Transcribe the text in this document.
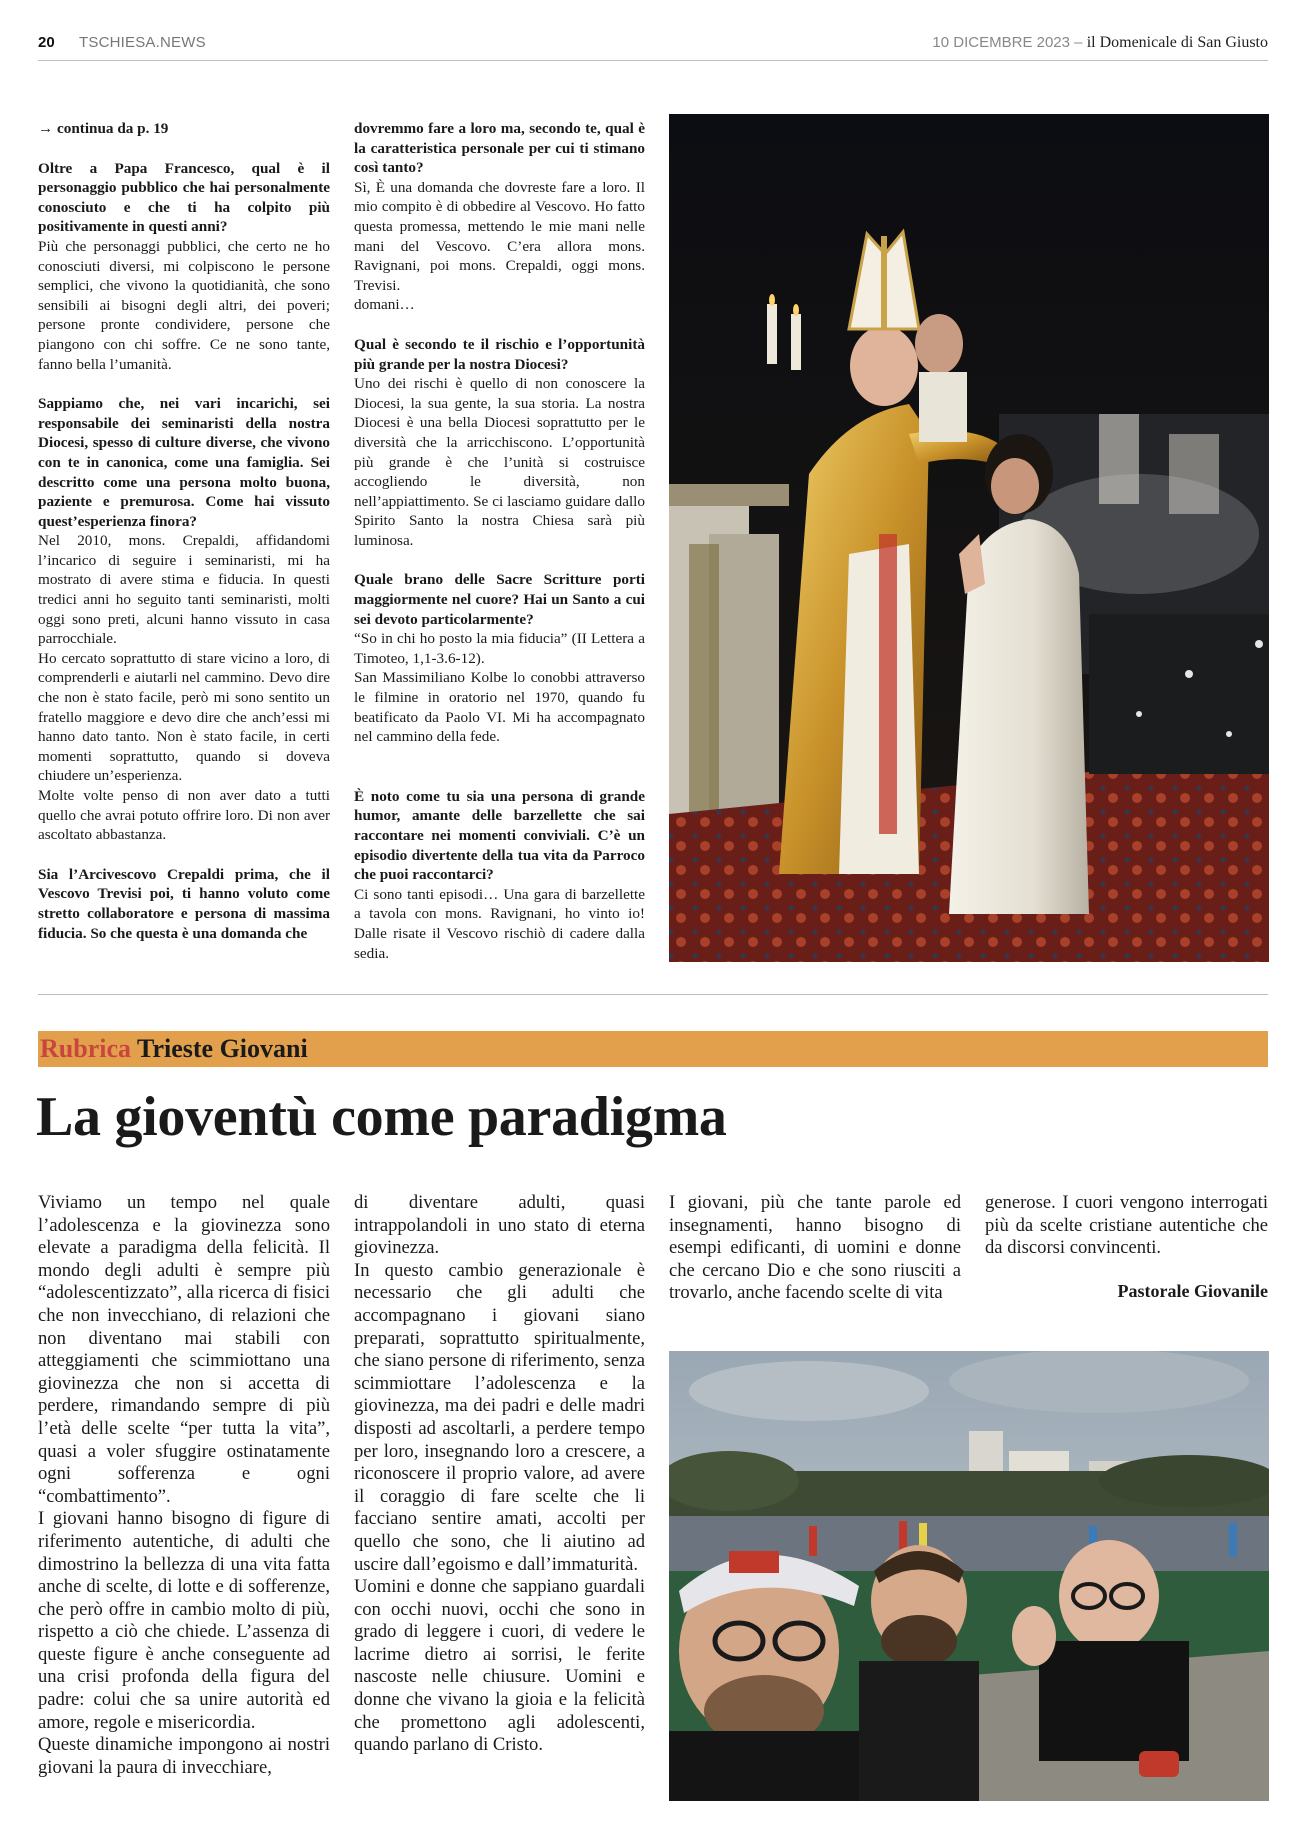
20 TSCHIESA.NEWS	10 DICEMBRE 2023 – il Domenicale di San Giusto

→ continua da p. 19

Oltre a Papa Francesco, qual è il personaggio pubblico che hai personalmente conosciuto e che ti ha colpito più positivamente in questi anni?

Più che personaggi pubblici, che certo ne ho conosciuti diversi, mi colpiscono le persone semplici, che vivono la quotidianità, che sono sensibili ai bisogni degli altri, dei poveri; persone pronte condividere, persone che piangono con chi soffre. Ce ne sono tante, fanno bella l’umanità.

Sappiamo che, nei vari incarichi, sei responsabile dei seminaristi della nostra Diocesi, spesso di culture diverse, che vivono con te in canonica, come una famiglia. Sei descritto come una persona molto buona, paziente e premurosa. Come hai vissuto quest’esperienza finora?

Nel 2010, mons. Crepaldi, affidandomi l’incarico di seguire i seminaristi, mi ha mostrato di avere stima e fiducia. In questi tredici anni ho seguito tanti seminaristi, molti oggi sono preti, alcuni hanno vissuto in casa parrocchiale.

Ho cercato soprattutto di stare vicino a loro, di comprenderli e aiutarli nel cammino. Devo dire che non è stato facile, però mi sono sentito un fratello maggiore e devo dire che anch’essi mi hanno dato tanto. Non è stato facile, in certi momenti soprattutto, quando si doveva chiudere un’esperienza.

Molte volte penso di non aver dato a tutti quello che avrai potuto offrire loro. Di non aver ascoltato abbastanza.

Sia l’Arcivescovo Crepaldi prima, che il Vescovo Trevisi poi, ti hanno voluto come stretto collaboratore e persona di massima fiducia. So che questa è una domanda che

dovremmo fare a loro ma, secondo te, qual è la caratteristica personale per cui ti stimano così tanto?

Sì, È una domanda che dovreste fare a loro. Il mio compito è di obbedire al Vescovo. Ho fatto questa promessa, mettendo le mie mani nelle mani del Vescovo. C’era allora mons. Ravignani, poi mons. Crepaldi, oggi mons. Trevisi.

domani…

Qual è secondo te il rischio e l’opportunità più grande per la nostra Diocesi?

Uno dei rischi è quello di non conoscere la Diocesi, la sua gente, la sua storia. La nostra Diocesi è una bella Diocesi soprattutto per le diversità che la arricchiscono. L’opportunità più grande è che l’unità si costruisce accogliendo le diversità, non nell’appiattimento. Se ci lasciamo guidare dallo Spirito Santo la nostra Chiesa sarà più luminosa.

Quale brano delle Sacre Scritture porti maggiormente nel cuore? Hai un Santo a cui sei devoto particolarmente?

“So in chi ho posto la mia fiducia” (II Lettera a Timoteo, 1,1-3.6-12).

San Massimiliano Kolbe lo conobbi attraverso le filmine in oratorio nel 1970, quando fu beatificato da Paolo VI. Mi ha accompagnato nel cammino della fede.

È noto come tu sia una persona di grande humor, amante delle barzellette che sai raccontare nei momenti conviviali. C’è un episodio divertente della tua vita da Parroco che puoi raccontarci?

Ci sono tanti episodi… Una gara di barzellette a tavola con mons. Ravignani, ho vinto io! Dalle risate il Vescovo rischiò di cadere dalla sedia.

Rubrica Trieste Giovani
La gioventù come paradigma

Viviamo un tempo nel quale l’adolescenza e la giovinezza sono elevate a paradigma della felicità. Il mondo degli adulti è sempre più “adolescentizzato”, alla ricerca di fisici che non invecchiano, di relazioni che non diventano mai stabili con atteggiamenti che scimmiottano una giovinezza che non si accetta di perdere, rimandando sempre di più l’età delle scelte “per tutta la vita”, quasi a voler sfuggire ostinatamente ogni sofferenza e ogni “combattimento”.

I giovani hanno bisogno di figure di riferimento autentiche, di adulti che dimostrino la bellezza di una vita fatta anche di scelte, di lotte e di sofferenze, che però offre in cambio molto di più, rispetto a ciò che chiede. L’assenza di queste figure è anche conseguente ad una crisi profonda della figura del padre: colui che sa unire autorità ed amore, regole e misericordia.

Queste dinamiche impongono ai nostri giovani la paura di invecchiare,

di diventare adulti, quasi intrappolandoli in uno stato di eterna giovinezza.

In questo cambio generazionale è necessario che gli adulti che accompagnano i giovani siano preparati, soprattutto spiritualmente, che siano persone di riferimento, senza scimmiottare l’adolescenza e la giovinezza, ma dei padri e delle madri disposti ad ascoltarli, a perdere tempo per loro, insegnando loro a crescere, a riconoscere il proprio valore, ad avere il coraggio di fare scelte che li facciano sentire amati, accolti per quello che sono, che li aiutino ad uscire dall’egoismo e dall’immaturità.

Uomini e donne che sappiano guardali con occhi nuovi, occhi che sono in grado di leggere i cuori, di vedere le lacrime dietro ai sorrisi, le ferite nascoste nelle chiusure. Uomini e donne che vivano la gioia e la felicità che promettono agli adolescenti, quando parlano di Cristo.

I giovani, più che tante parole ed insegnamenti, hanno bisogno di esempi edificanti, di uomini e donne che cercano Dio e che sono riusciti a trovarlo, anche facendo scelte di vita

generose. I cuori vengono interrogati più da scelte cristiane autentiche che da discorsi convincenti.

Pastorale Giovanile
